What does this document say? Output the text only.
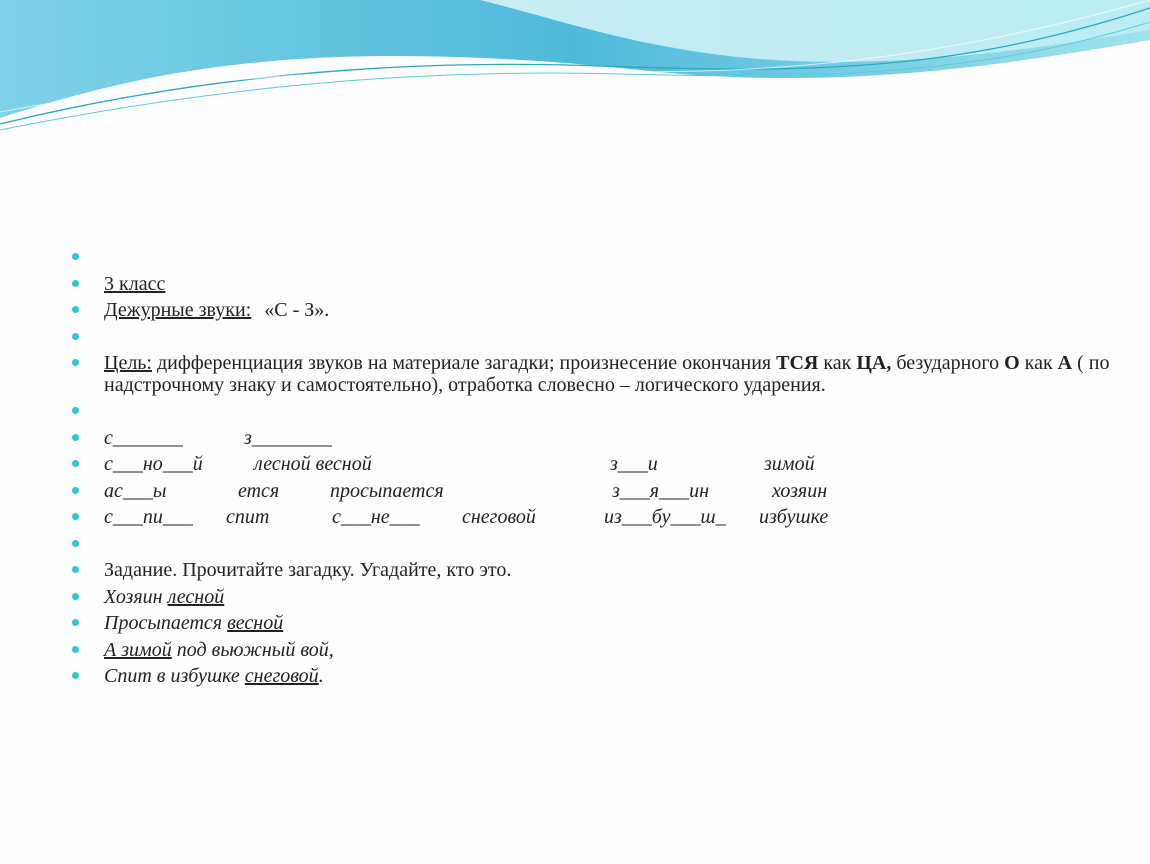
3 класс
Дежурные звуки: «С - З».
Цель: дифференциация звуков на материале загадки; произнесение окончания ТСЯ как ЦА, безударного О как А ( по надстрочному знаку и самостоятельно), отработка словесно – логического ударения.
с_______	з________
с___но___й	лесной весной	з___и	зимой
ас___ы	ется	просыпается	з___я___ин	хозяин
с___пи___ спит	с___не___ снеговой	из___бу___ш_ избушке
Задание. Прочитайте загадку. Угадайте, кто это.
Хозяин лесной
Просыпается весной
А зимой под вьюжный вой,
Спит в избушке снеговой.
